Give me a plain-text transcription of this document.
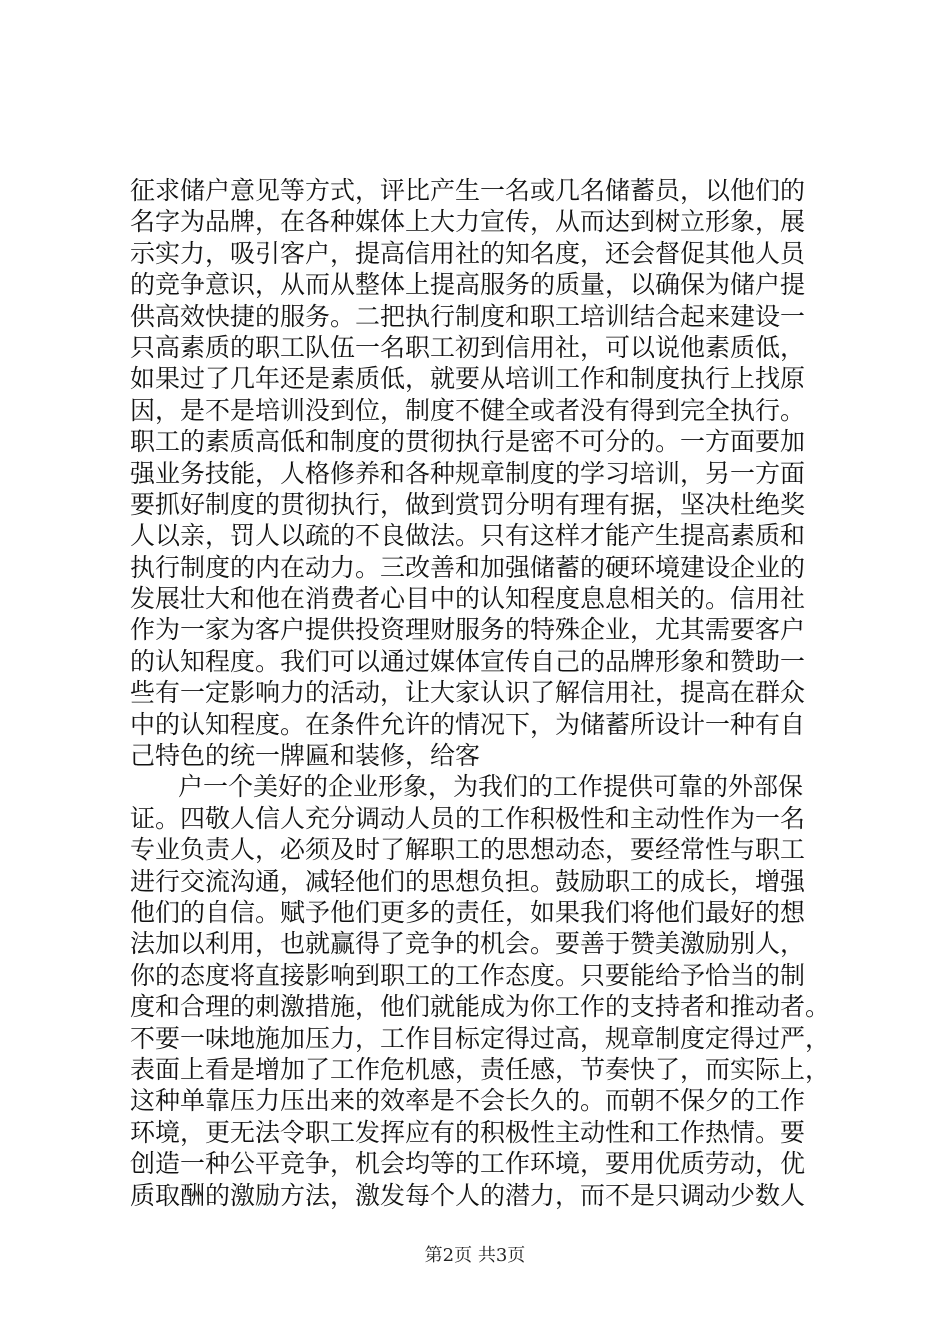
征求储户意见等方式，评比产生一名或几名储蓄员，以他们的
名字为品牌，在各种媒体上大力宣传，从而达到树立形象，展
示实力，吸引客户，提高信用社的知名度，还会督促其他人员
的竞争意识，从而从整体上提高服务的质量，以确保为储户提
供高效快捷的服务。二把执行制度和职工培训结合起来建设一
只高素质的职工队伍一名职工初到信用社，可以说他素质低，
如果过了几年还是素质低，就要从培训工作和制度执行上找原
因，是不是培训没到位，制度不健全或者没有得到完全执行。
职工的素质高低和制度的贯彻执行是密不可分的。一方面要加
强业务技能，人格修养和各种规章制度的学习培训，另一方面
要抓好制度的贯彻执行，做到赏罚分明有理有据，坚决杜绝奖
人以亲，罚人以疏的不良做法。只有这样才能产生提高素质和
执行制度的内在动力。三改善和加强储蓄的硬环境建设企业的
发展壮大和他在消费者心目中的认知程度息息相关的。信用社
作为一家为客户提供投资理财服务的特殊企业，尤其需要客户
的认知程度。我们可以通过媒体宣传自己的品牌形象和赞助一
些有一定影响力的活动，让大家认识了解信用社，提高在群众
中的认知程度。在条件允许的情况下，为储蓄所设计一种有自
己特色的统一牌匾和装修，给客
户一个美好的企业形象，为我们的工作提供可靠的外部保
证。四敬人信人充分调动人员的工作积极性和主动性作为一名
专业负责人，必须及时了解职工的思想动态，要经常性与职工
进行交流沟通，减轻他们的思想负担。鼓励职工的成长，增强
他们的自信。赋予他们更多的责任，如果我们将他们最好的想
法加以利用，也就赢得了竞争的机会。要善于赞美激励别人，
你的态度将直接影响到职工的工作态度。只要能给予恰当的制
度和合理的刺激措施，他们就能成为你工作的支持者和推动者。
不要一味地施加压力，工作目标定得过高，规章制度定得过严，
表面上看是增加了工作危机感，责任感，节奏快了，而实际上，
这种单靠压力压出来的效率是不会长久的。而朝不保夕的工作
环境，更无法令职工发挥应有的积极性主动性和工作热情。要
创造一种公平竞争，机会均等的工作环境，要用优质劳动，优
质取酬的激励方法，激发每个人的潜力，而不是只调动少数人
第2页 共3页
